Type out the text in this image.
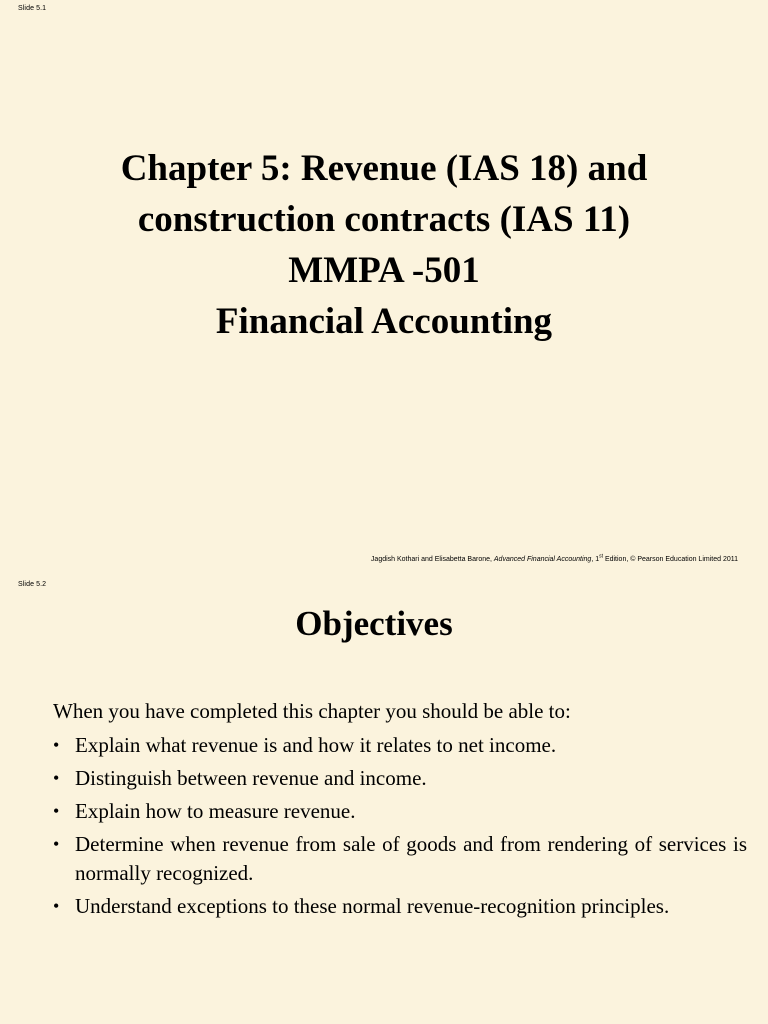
Slide 5.1
Chapter 5: Revenue (IAS 18) and
construction contracts (IAS 11)
MMPA -501
Financial Accounting
Jagdish Kothari and Elisabetta Barone, Advanced Financial Accounting, 1st Edition, © Pearson Education Limited 2011
Slide 5.2
Objectives
When you have completed this chapter you should be able to:
• Explain what revenue is and how it relates to net income.
• Distinguish between revenue and income.
• Explain how to measure revenue.
• Determine when revenue from sale of goods and from rendering of services is normally recognized.
• Understand exceptions to these normal revenue-recognition principles.
